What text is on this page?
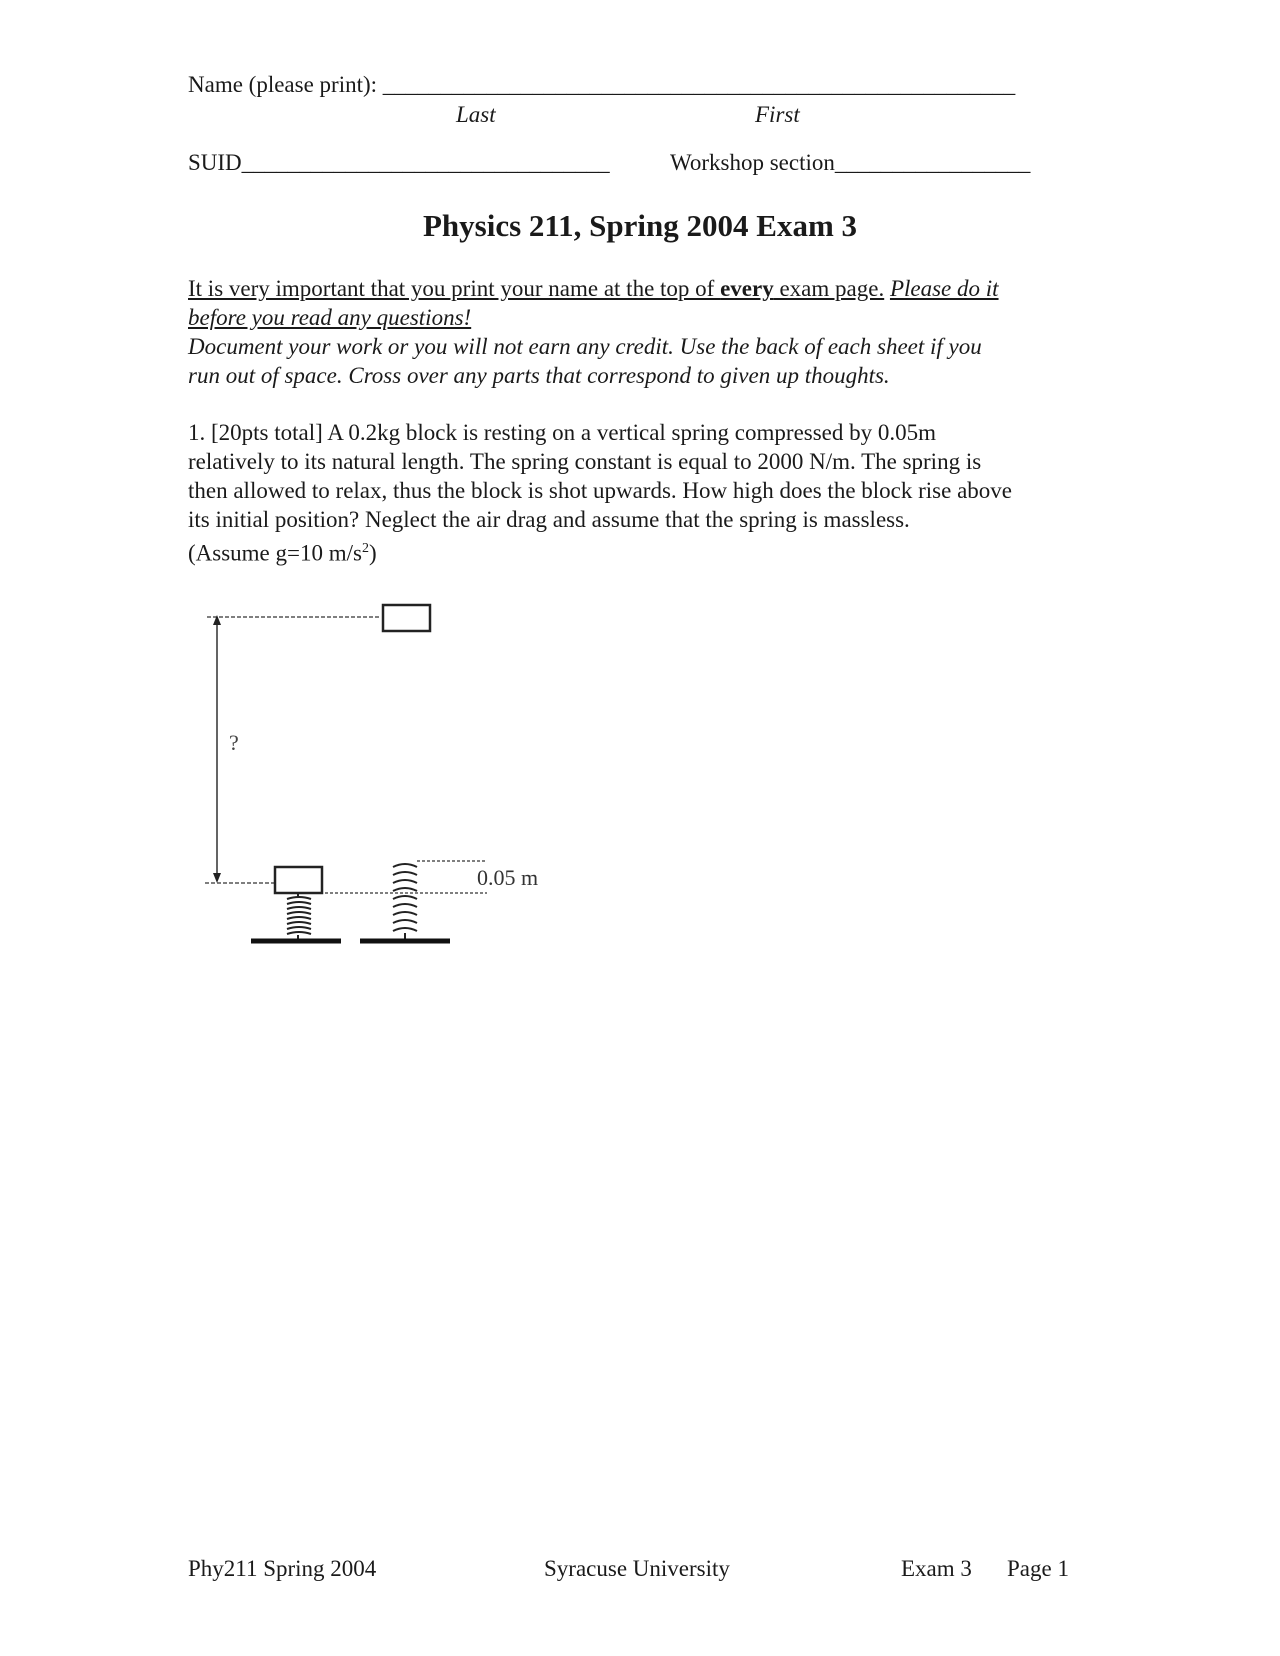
Name (please print): _______________________________________________________
Last	First
SUID________________________________	Workshop section_________________
Physics 211, Spring 2004 Exam 3
It is very important that you print your name at the top of every exam page. Please do it
before you read any questions!
Document your work or you will not earn any credit. Use the back of each sheet if you
run out of space. Cross over any parts that correspond to given up thoughts.
1. [20pts total] A 0.2kg block is resting on a vertical spring compressed by 0.05m
relatively to its natural length. The spring constant is equal to 2000 N/m. The spring is
then allowed to relax, thus the block is shot upwards. How high does the block rise above
its initial position? Neglect the air drag and assume that the spring is massless.
(Assume g=10 $m/s^2$)
?
0.05 m
Phy211 Spring 2004	Syracuse University	Exam 3 Page 1
